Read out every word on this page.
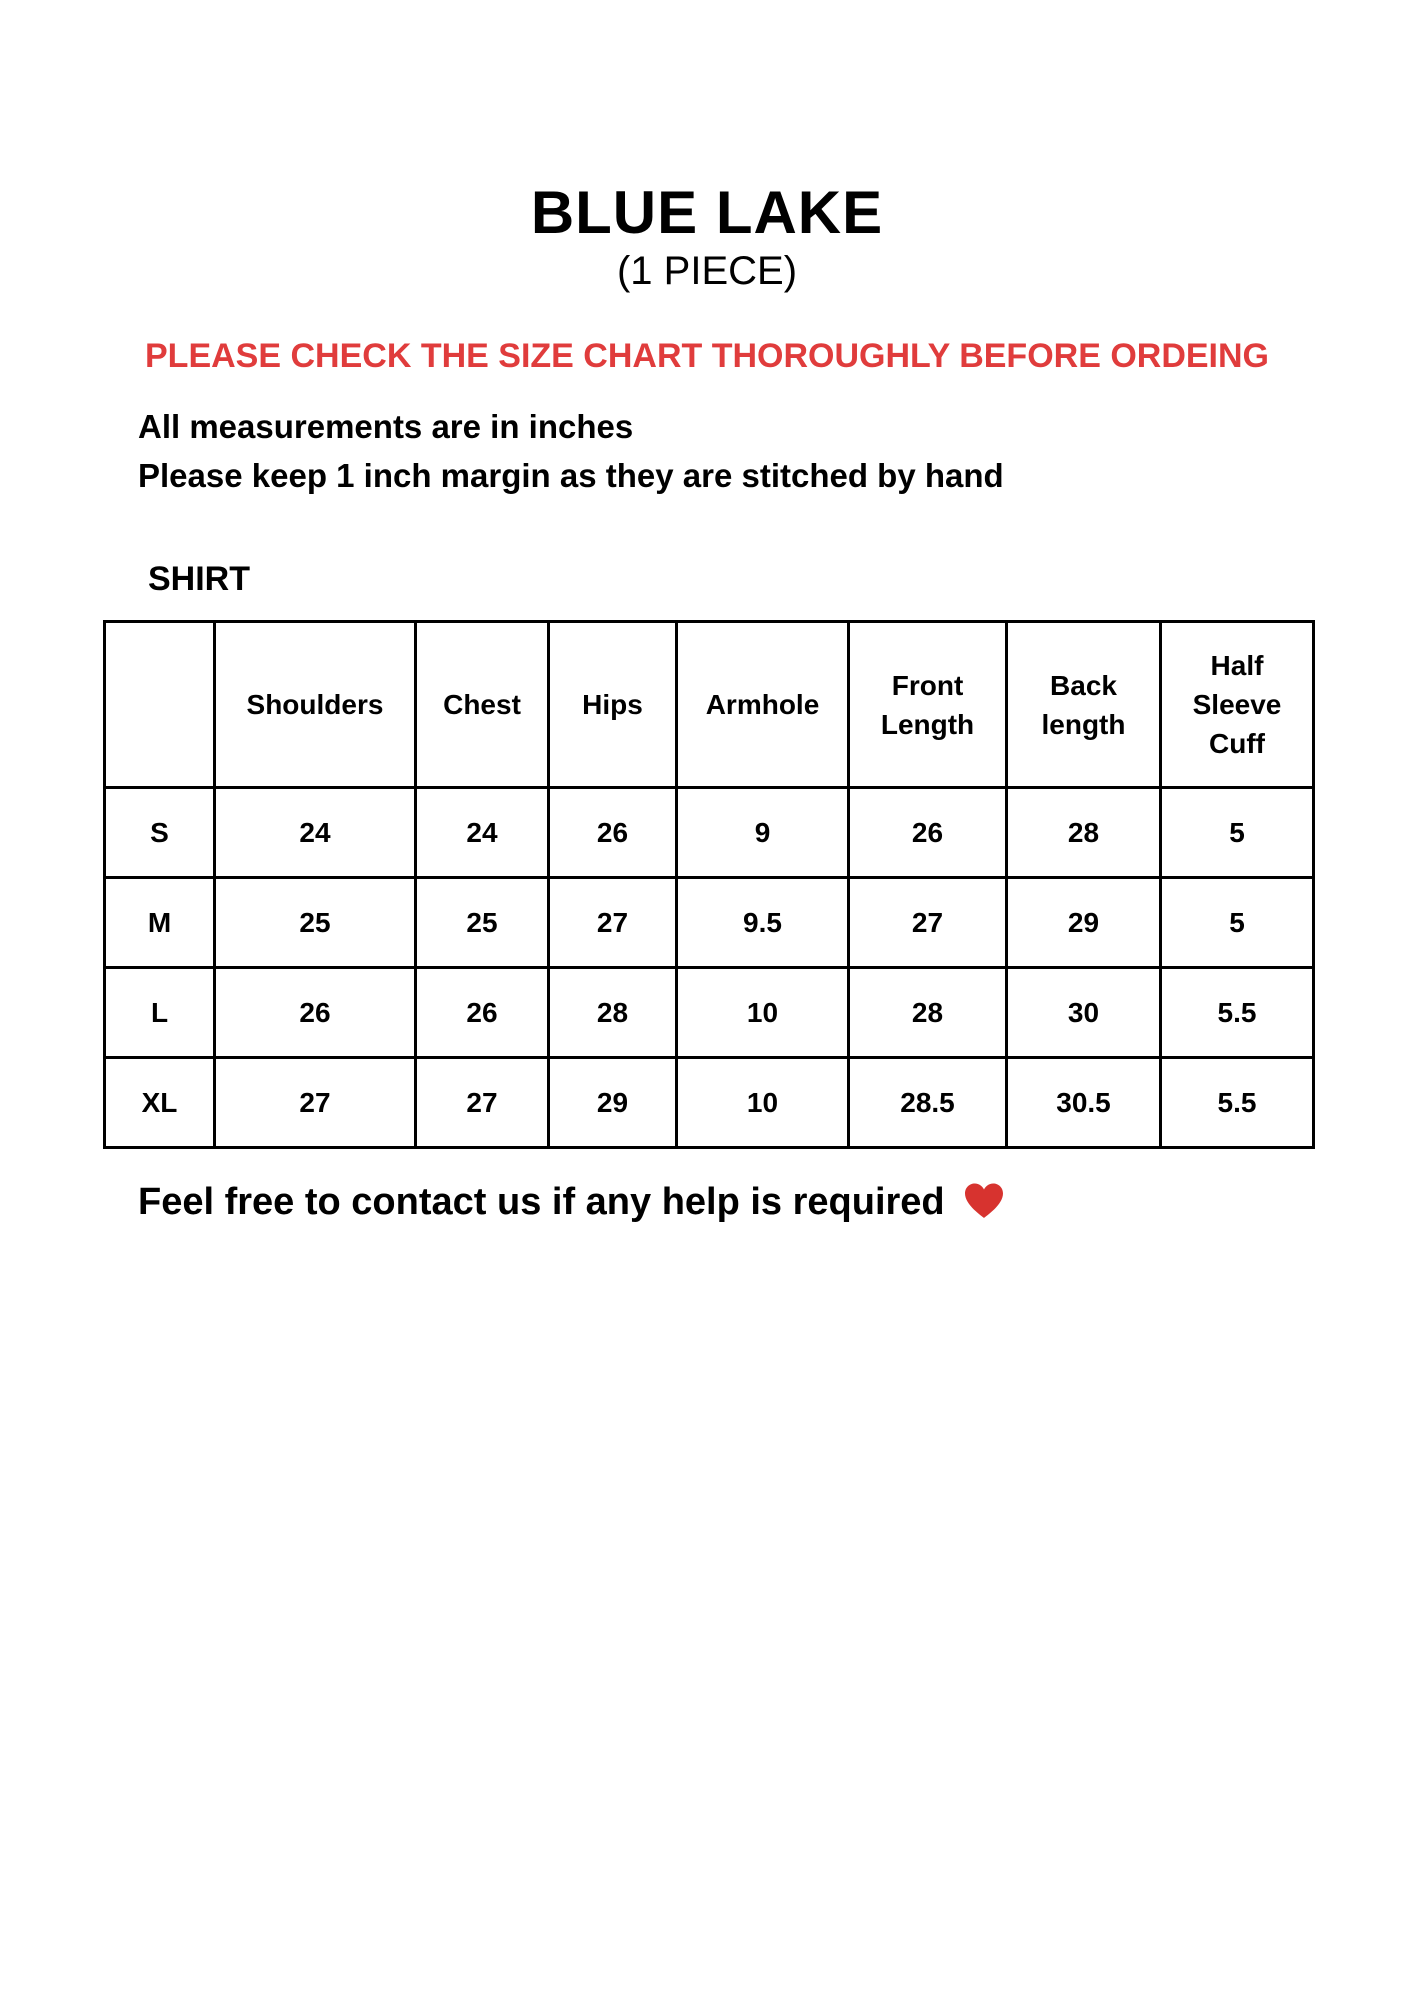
BLUE LAKE
(1 PIECE)
PLEASE CHECK THE SIZE CHART THOROUGHLY BEFORE ORDEING
All measurements are in inches
Please keep 1 inch margin as they are stitched by hand
SHIRT
	Shoulders	Chest	Hips	Armhole	Front Length	Back length	Half Sleeve Cuff

S	24	24	26	9	26	28	5
M	25	25	27	9.5	27	29	5
L	26	26	28	10	28	30	5.5
XL	27	27	29	10	28.5	30.5	5.5
Feel free to contact us if any help is required
